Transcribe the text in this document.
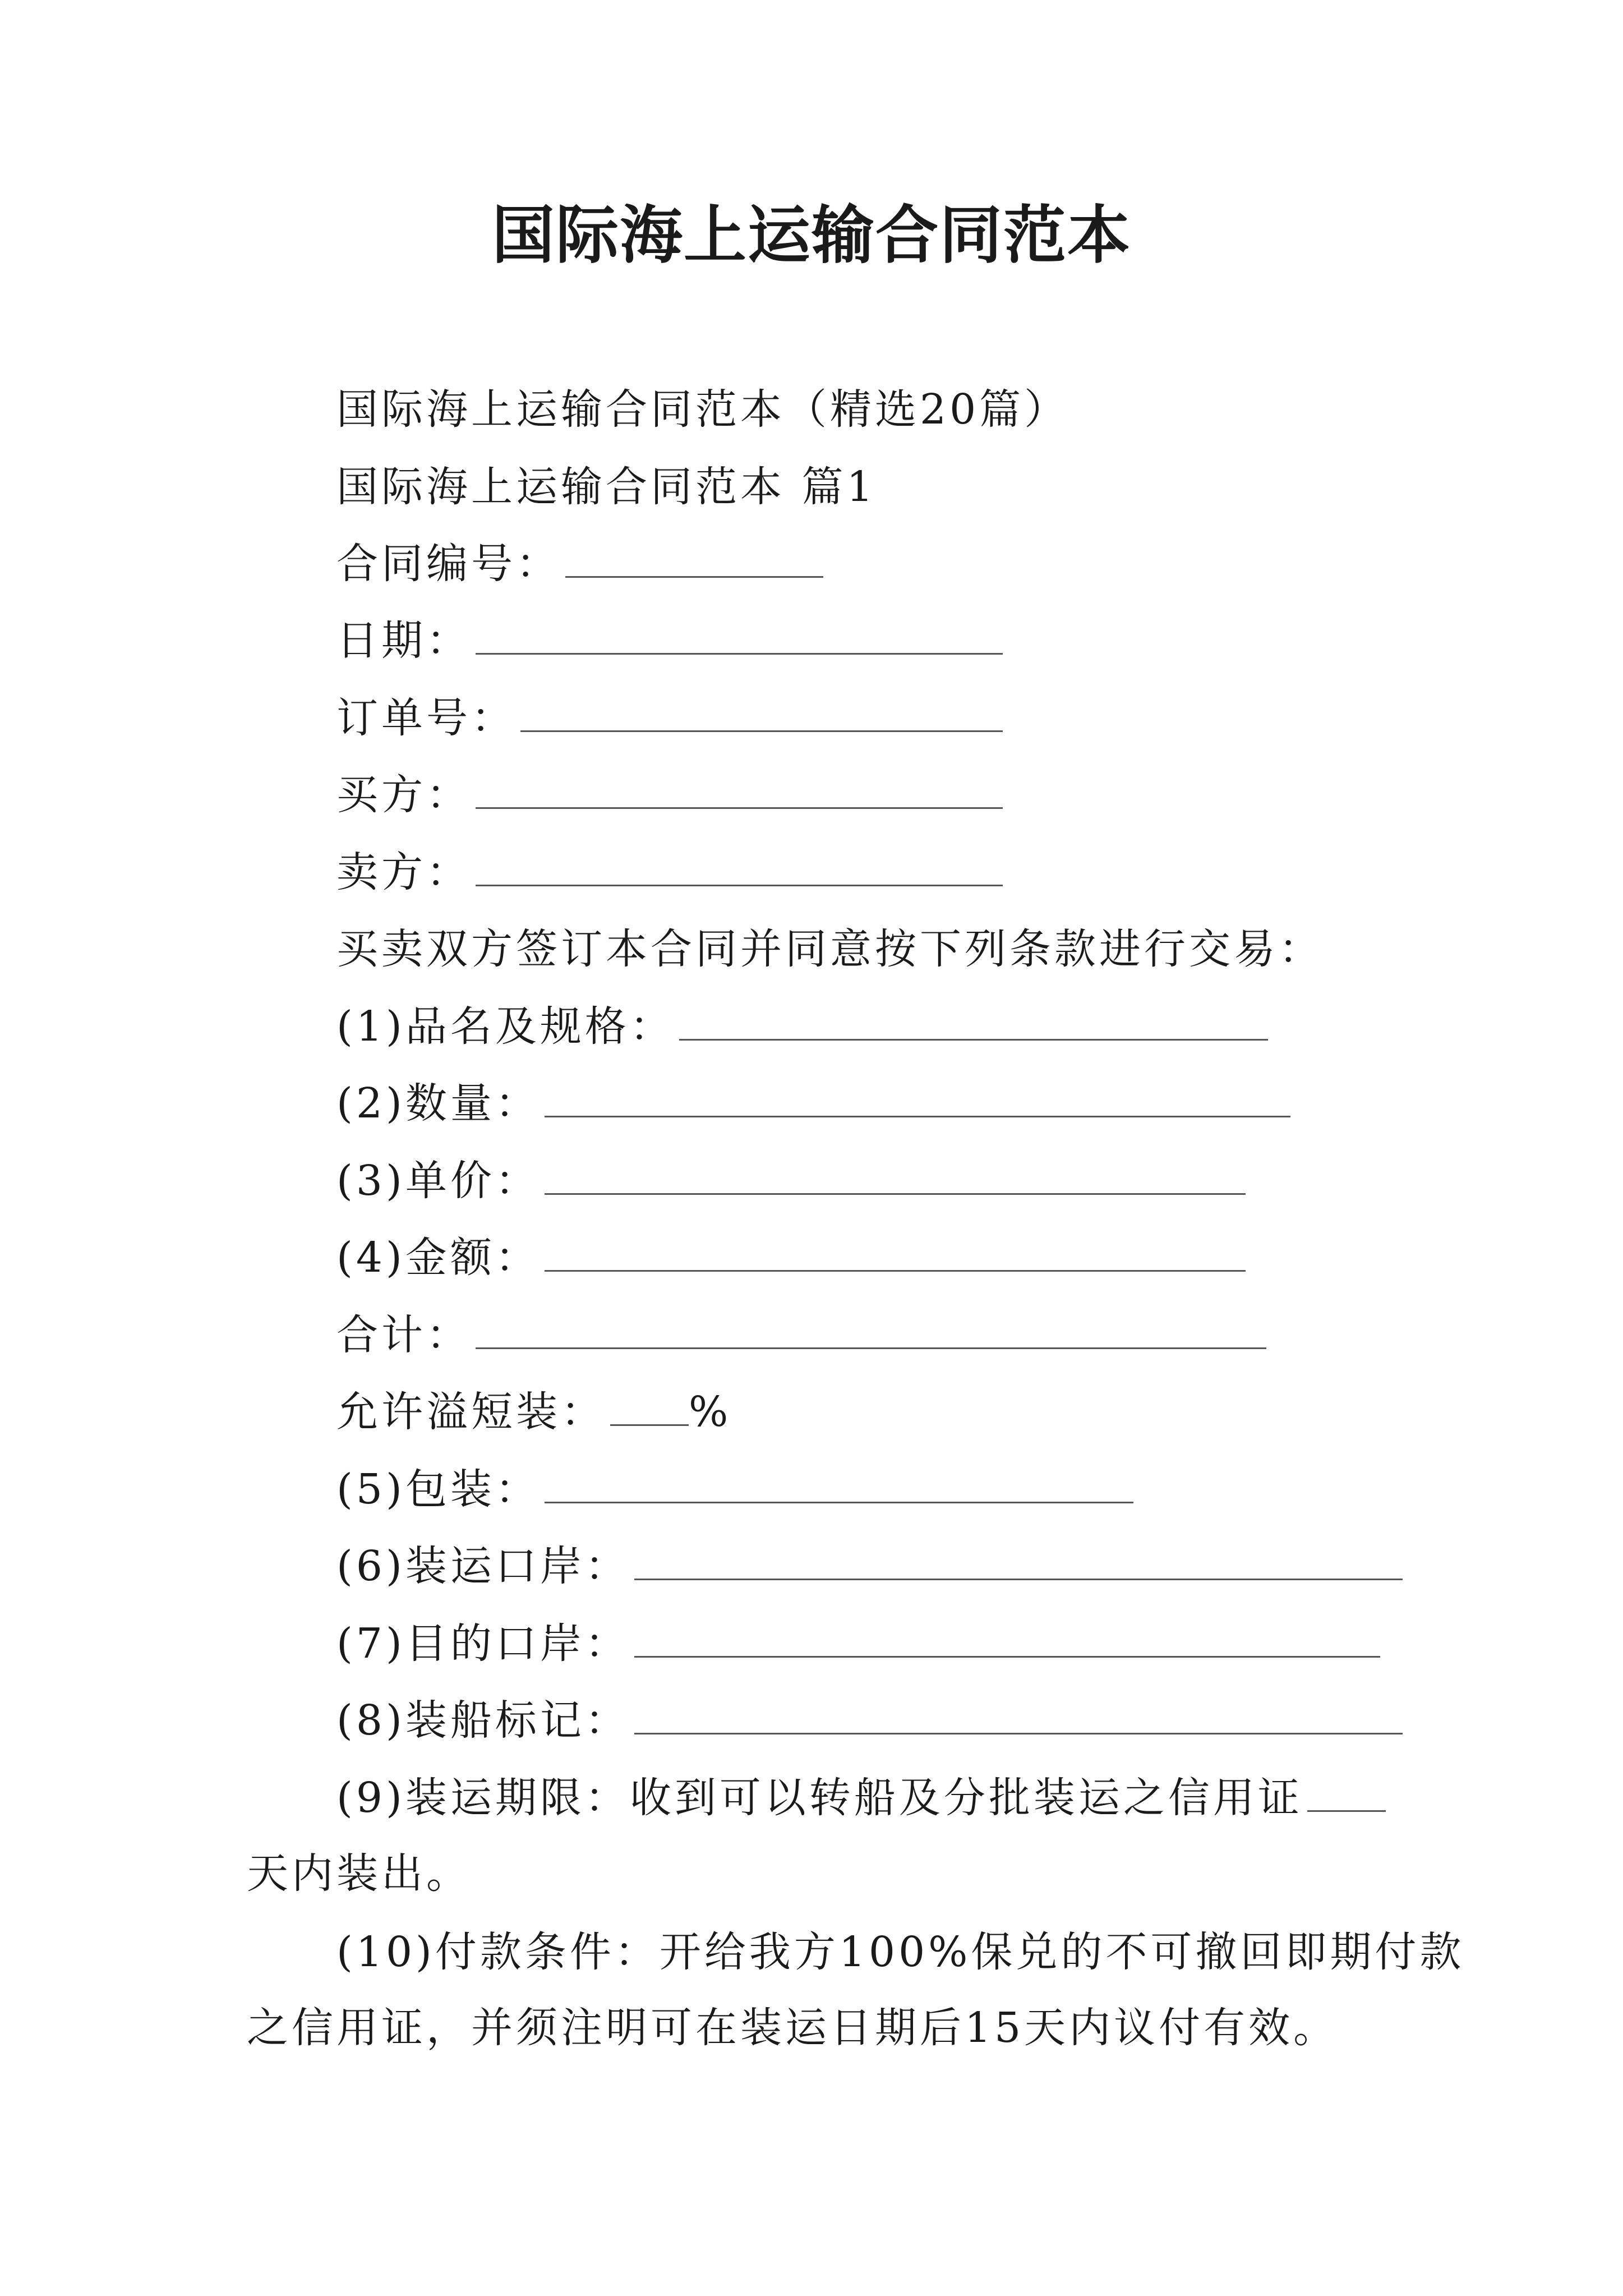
国际海上运输合同范本
国际海上运输合同范本（精选20篇）
国际海上运输合同范本 篇1
合同编号：
日期：
订单号：
买方：
卖方：
买卖双方签订本合同并同意按下列条款进行交易：
(1)品名及规格：
(2)数量：
(3)单价：
(4)金额：
合计：
允许溢短装： %
(5)包装：
(6)装运口岸：
(7)目的口岸：
(8)装船标记：
(9)装运期限：收到可以转船及分批装运之信用证
天内装出。
(10)付款条件：开给我方100%保兑的不可撤回即期付款
之信用证，并须注明可在装运日期后15天内议付有效。
